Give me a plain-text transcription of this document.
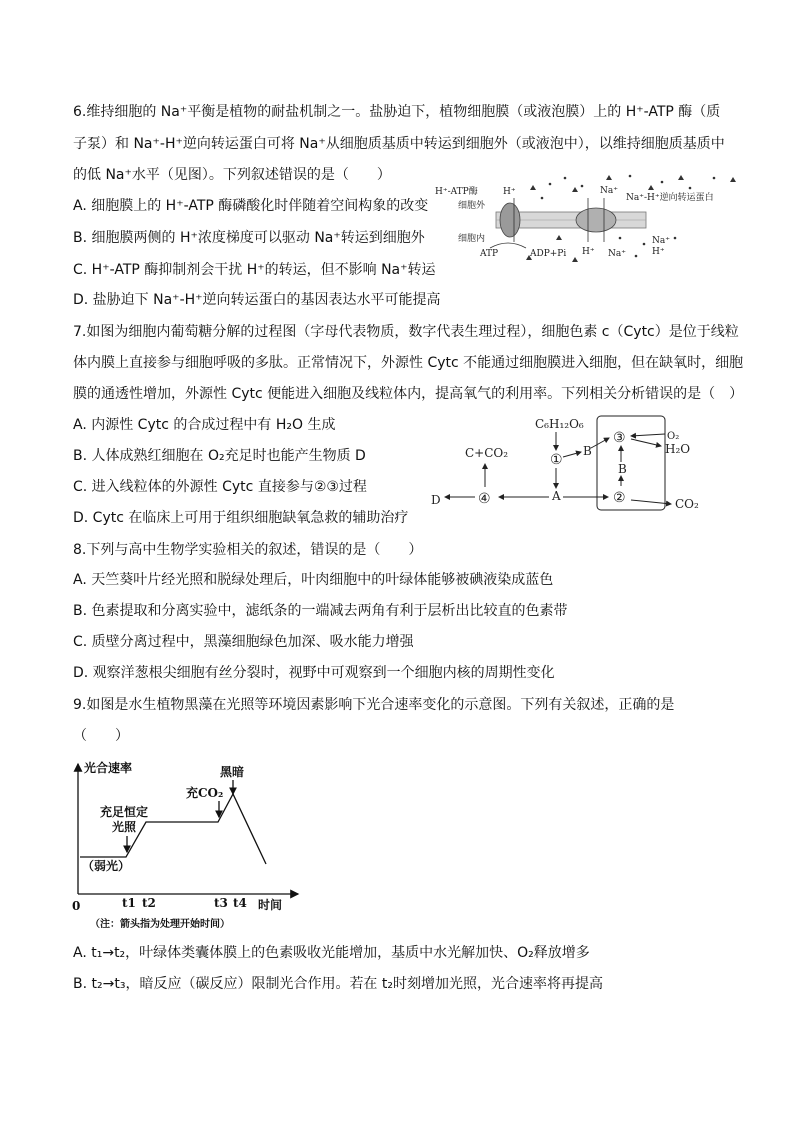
6.维持细胞的 Na⁺平衡是植物的耐盐机制之一。盐胁迫下，植物细胞膜（或液泡膜）上的 H⁺-ATP 酶（质
子泵）和 Na⁺-H⁺逆向转运蛋白可将 Na⁺从细胞质基质中转运到细胞外（或液泡中），以维持细胞质基质中
的低 Na⁺水平（见图）。下列叙述错误的是（　　）
A. 细胞膜上的 H⁺-ATP 酶磷酸化时伴随着空间构象的改变
B. 细胞膜两侧的 H⁺浓度梯度可以驱动 Na⁺转运到细胞外
C. H⁺-ATP 酶抑制剂会干扰 H⁺的转运，但不影响 Na⁺转运
D. 盐胁迫下 Na⁺-H⁺逆向转运蛋白的基因表达水平可能提高
H⁺-ATP酶	H⁺	Na⁺
Na⁺-H⁺逆向转运蛋白
细胞外
细胞内
ATP	ADP+Pi H⁺ Na⁺
Na⁺
H⁺
7.如图为细胞内葡萄糖分解的过程图（字母代表物质，数字代表生理过程），细胞色素 c（Cytc）是位于线粒
体内膜上直接参与细胞呼吸的多肽。正常情况下，外源性 Cytc 不能通过细胞膜进入细胞，但在缺氧时，细胞
膜的通透性增加，外源性 Cytc 便能进入细胞及线粒体内，提高氧气的利用率。下列相关分析错误的是（　）
A. 内源性 Cytc 的合成过程中有 H₂O 生成
B. 人体成熟红细胞在 O₂充足时也能产生物质 D
C. 进入线粒体的外源性 Cytc 直接参与②③过程
D. Cytc 在临床上可用于组织细胞缺氧急救的辅助治疗
C₆H₁₂O₆
C+CO₂	①
B
③	O₂
H₂O
B
A	②
D	④	CO₂
8.下列与高中生物学实验相关的叙述，错误的是（　　）
A. 天竺葵叶片经光照和脱绿处理后，叶肉细胞中的叶绿体能够被碘液染成蓝色
B. 色素提取和分离实验中，滤纸条的一端减去两角有利于层析出比较直的色素带
C. 质壁分离过程中，黑藻细胞绿色加深、吸水能力增强
D. 观察洋葱根尖细胞有丝分裂时，视野中可观察到一个细胞内核的周期性变化
9.如图是水生植物黑藻在光照等环境因素影响下光合速率变化的示意图。下列有关叙述，正确的是
（　　）
光合速率	黑暗
充CO₂
充足恒定
光照
（弱光）
0	t1 t2	t3 t4 时间
（注：箭头指为处理开始时间）
A. t₁→t₂，叶绿体类囊体膜上的色素吸收光能增加，基质中水光解加快、O₂释放增多
B. t₂→t₃，暗反应（碳反应）限制光合作用。若在 t₂时刻增加光照，光合速率将再提高
